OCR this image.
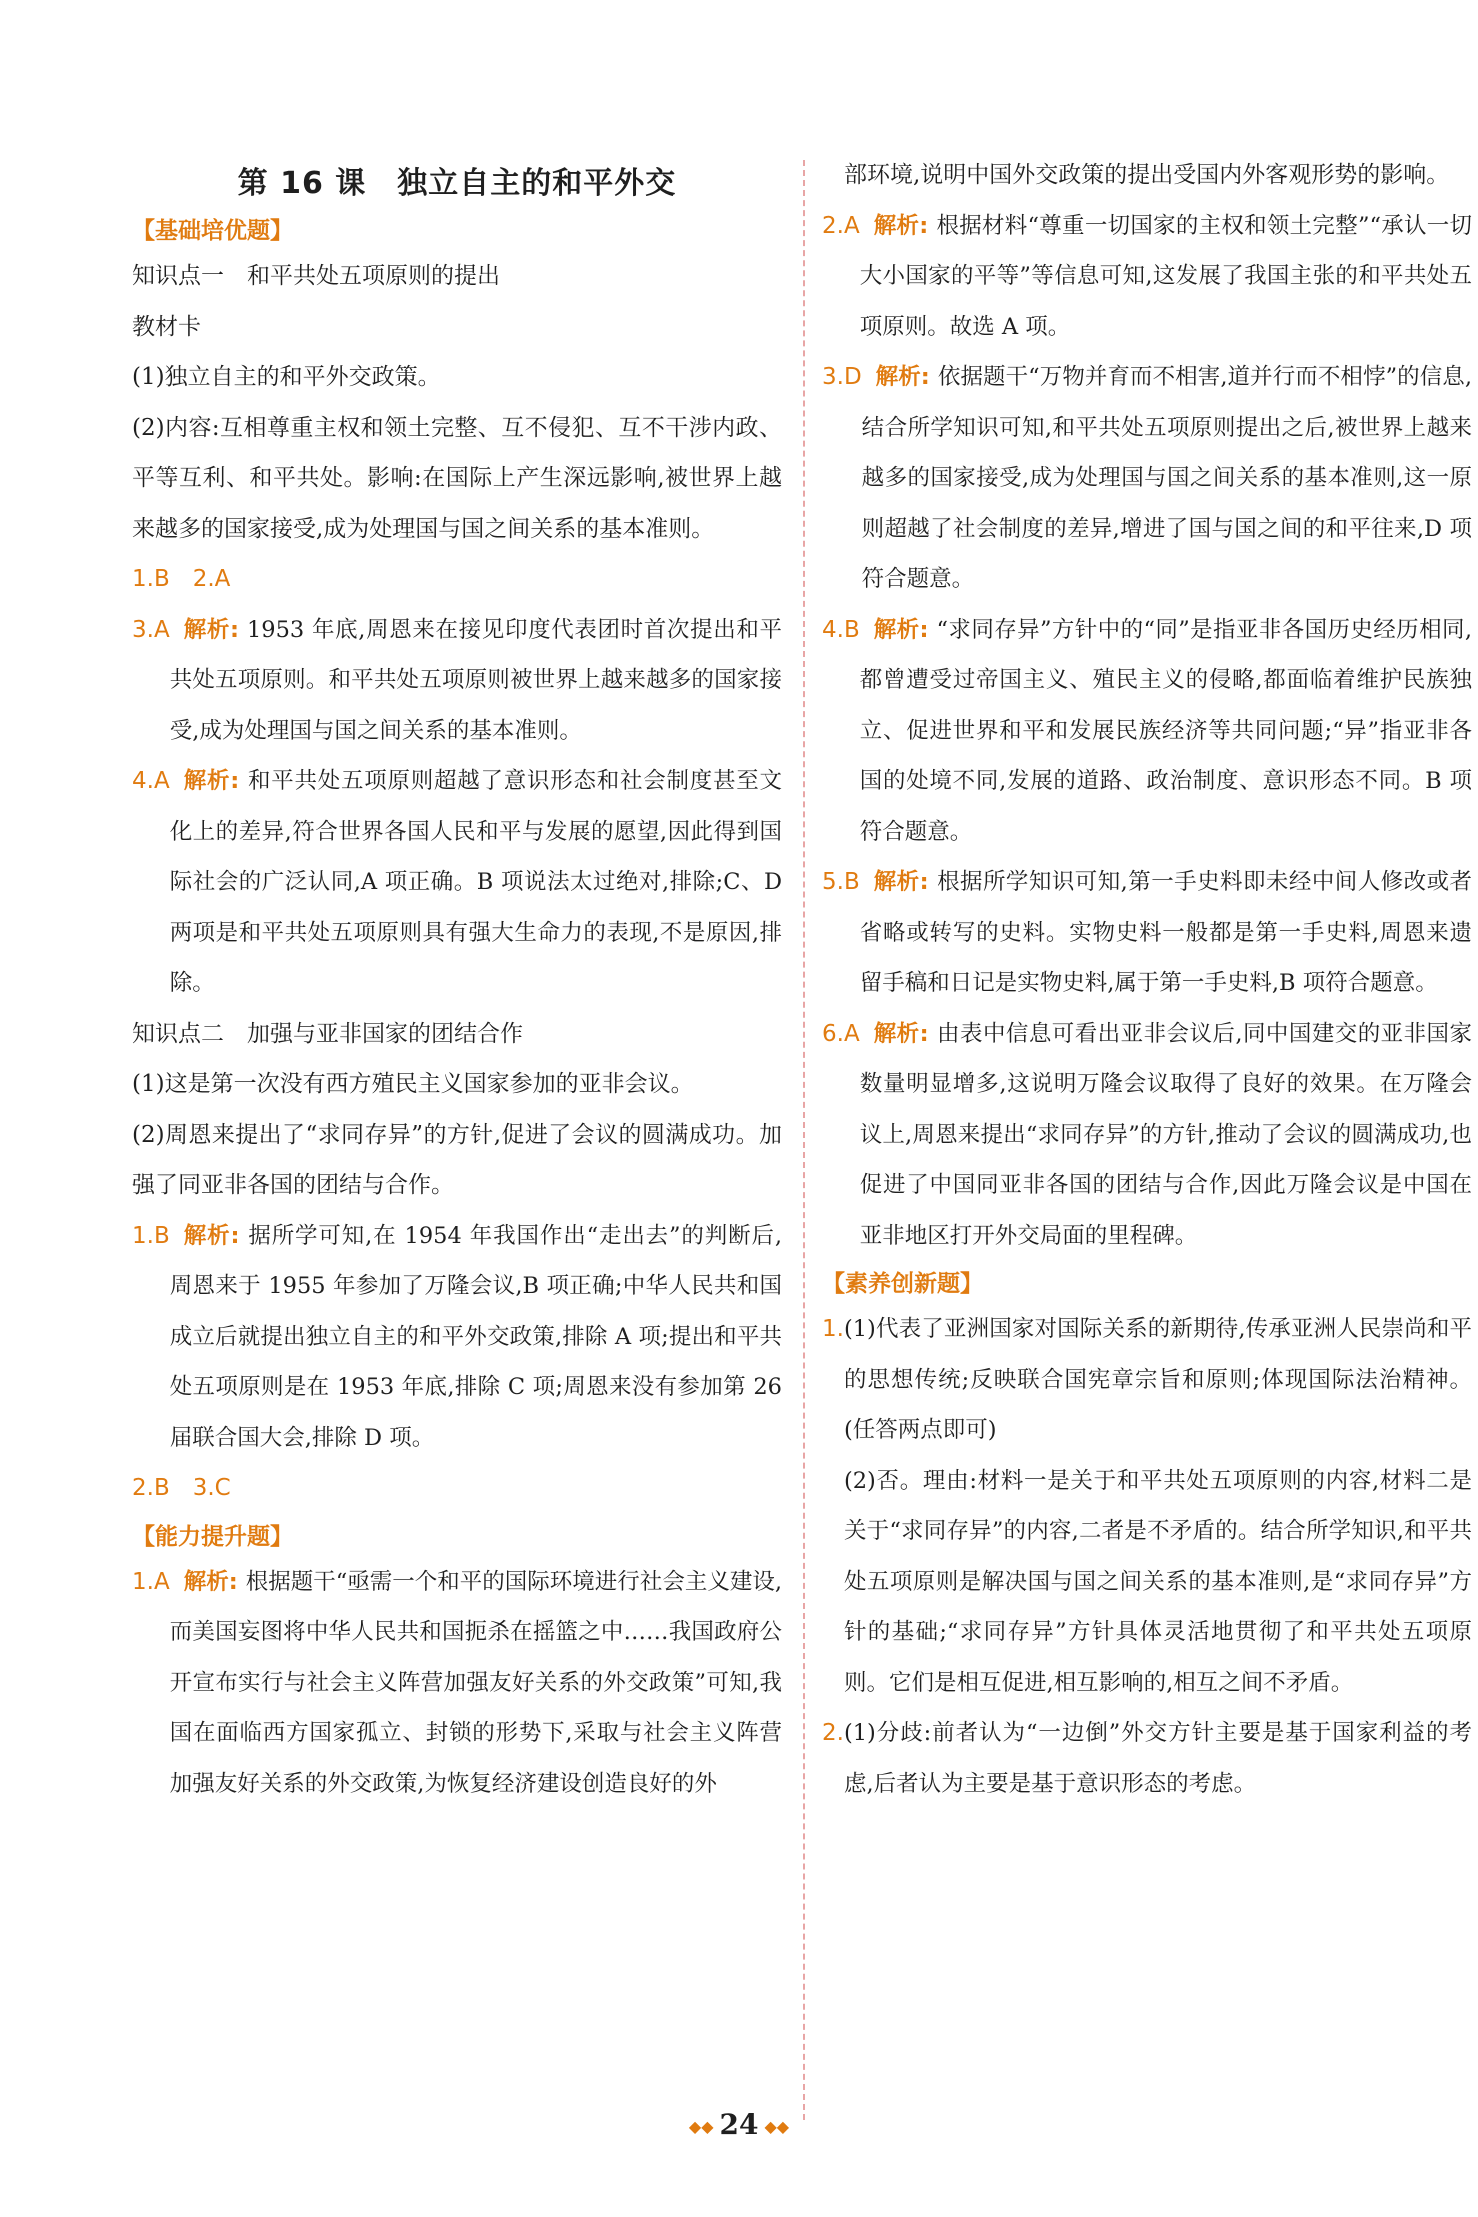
第 16 课　独立自主的和平外交
【基础培优题】

知识点一　和平共处五项原则的提出

教材卡

(1)独立自主的和平外交政策。

(2)内容:互相尊重主权和领土完整、互不侵犯、互不干涉内政、平等互利、和平共处。影响:在国际上产生深远影响,被世界上越来越多的国家接受,成为处理国与国之间关系的基本准则。

1.B　2.A

3.A 解析: 1953 年底,周恩来在接见印度代表团时首次提出和平共处五项原则。和平共处五项原则被世界上越来越多的国家接受,成为处理国与国之间关系的基本准则。
4.A 解析: 和平共处五项原则超越了意识形态和社会制度甚至文化上的差异,符合世界各国人民和平与发展的愿望,因此得到国际社会的广泛认同,A 项正确。B 项说法太过绝对,排除;C、D 两项是和平共处五项原则具有强大生命力的表现,不是原因,排除。

知识点二　加强与亚非国家的团结合作

(1)这是第一次没有西方殖民主义国家参加的亚非会议。

(2)周恩来提出了“求同存异”的方针,促进了会议的圆满成功。加强了同亚非各国的团结与合作。

1.B 解析: 据所学可知,在 1954 年我国作出“走出去”的判断后,周恩来于 1955 年参加了万隆会议,B 项正确;中华人民共和国成立后就提出独立自主的和平外交政策,排除 A 项;提出和平共处五项原则是在 1953 年底,排除 C 项;周恩来没有参加第 26 届联合国大会,排除 D 项。

2.B　3.C

【能力提升题】
1.A 解析: 根据题干“亟需一个和平的国际环境进行社会主义建设,而美国妄图将中华人民共和国扼杀在摇篮之中……我国政府公开宣布实行与社会主义阵营加强友好关系的外交政策”可知,我国在面临西方国家孤立、封锁的形势下,采取与社会主义阵营加强友好关系的外交政策,为恢复经济建设创造良好的外

部环境,说明中国外交政策的提出受国内外客观形势的影响。

2.A 解析: 根据材料“尊重一切国家的主权和领土完整”“承认一切大小国家的平等”等信息可知,这发展了我国主张的和平共处五项原则。故选 A 项。
3.D 解析: 依据题干“万物并育而不相害,道并行而不相悖”的信息,结合所学知识可知,和平共处五项原则提出之后,被世界上越来越多的国家接受,成为处理国与国之间关系的基本准则,这一原则超越了社会制度的差异,增进了国与国之间的和平往来,D 项符合题意。
4.B 解析: “求同存异”方针中的“同”是指亚非各国历史经历相同,都曾遭受过帝国主义、殖民主义的侵略,都面临着维护民族独立、促进世界和平和发展民族经济等共同问题;“异”指亚非各国的处境不同,发展的道路、政治制度、意识形态不同。B 项符合题意。
5.B 解析: 根据所学知识可知,第一手史料即未经中间人修改或者省略或转写的史料。实物史料一般都是第一手史料,周恩来遗留手稿和日记是实物史料,属于第一手史料,B 项符合题意。
6.A 解析: 由表中信息可看出亚非会议后,同中国建交的亚非国家数量明显增多,这说明万隆会议取得了良好的效果。在万隆会议上,周恩来提出“求同存异”的方针,推动了会议的圆满成功,也促进了中国同亚非各国的团结与合作,因此万隆会议是中国在亚非地区打开外交局面的里程碑。
【素养创新题】
1. (1)代表了亚洲国家对国际关系的新期待,传承亚洲人民崇尚和平的思想传统;反映联合国宪章宗旨和原则;体现国际法治精神。(任答两点即可)
(2)否。理由:材料一是关于和平共处五项原则的内容,材料二是关于“求同存异”的内容,二者是不矛盾的。结合所学知识,和平共处五项原则是解决国与国之间关系的基本准则,是“求同存异”方针的基础;“求同存异”方针具体灵活地贯彻了和平共处五项原则。它们是相互促进,相互影响的,相互之间不矛盾。
2. (1)分歧:前者认为“一边倒”外交方针主要是基于国家利益的考虑,后者认为主要是基于意识形态的考虑。
◆◆ 24 ◆◆
